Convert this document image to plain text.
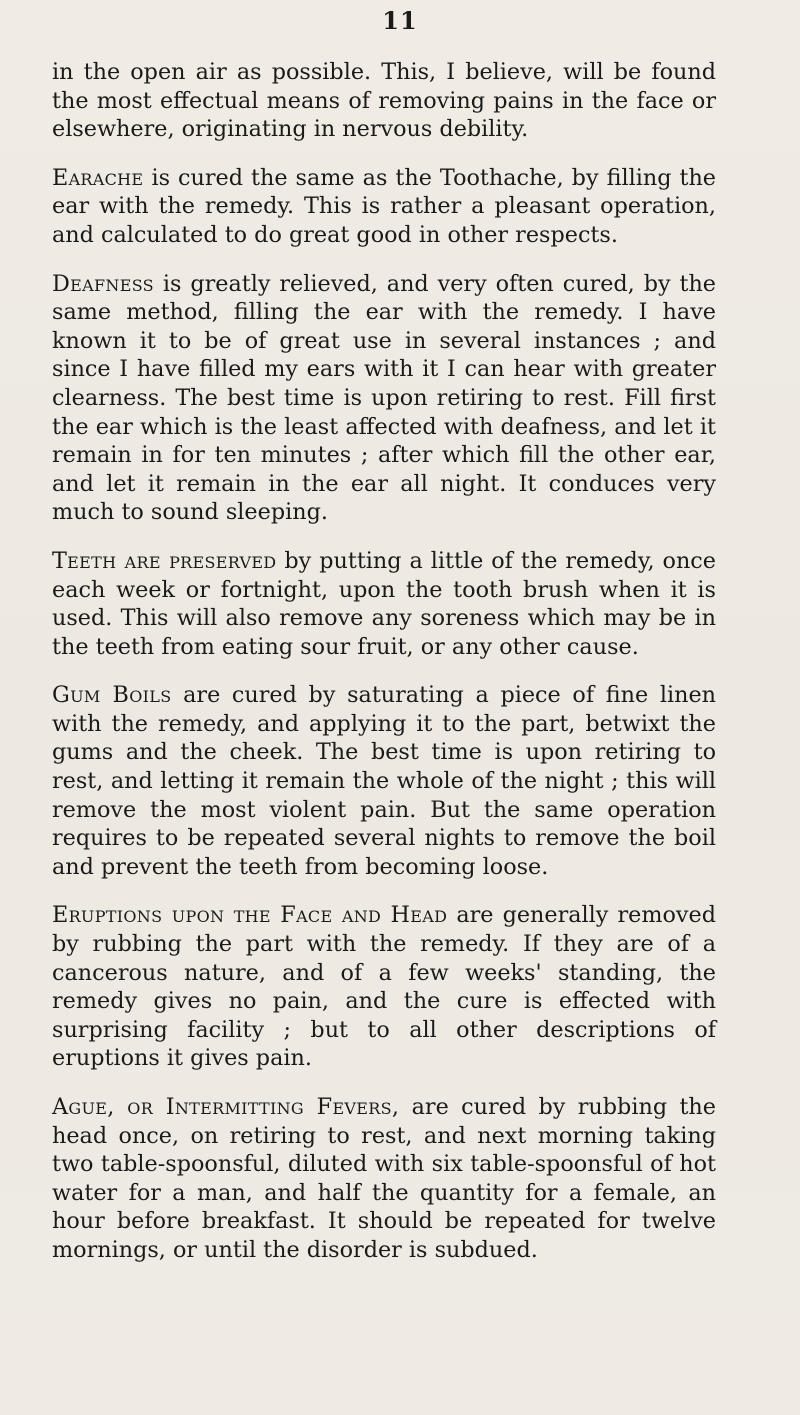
11

in the open air as possible. This, I believe, will be found the most effectual means of removing pains in the face or elsewhere, originating in nervous debility.

Earache is cured the same as the Toothache, by filling the ear with the remedy. This is rather a pleasant operation, and calculated to do great good in other respects.

Deafness is greatly relieved, and very often cured, by the same method, filling the ear with the remedy. I have known it to be of great use in several instances ; and since I have filled my ears with it I can hear with greater clearness. The best time is upon retiring to rest. Fill first the ear which is the least affected with deafness, and let it remain in for ten minutes ; after which fill the other ear, and let it remain in the ear all night. It conduces very much to sound sleeping.

Teeth are preserved by putting a little of the remedy, once each week or fortnight, upon the tooth brush when it is used. This will also remove any soreness which may be in the teeth from eating sour fruit, or any other cause.

Gum Boils are cured by saturating a piece of fine linen with the remedy, and applying it to the part, betwixt the gums and the cheek. The best time is upon retiring to rest, and letting it remain the whole of the night ; this will remove the most violent pain. But the same operation requires to be repeated several nights to remove the boil and prevent the teeth from becoming loose.

Eruptions upon the Face and Head are generally removed by rubbing the part with the remedy. If they are of a cancerous nature, and of a few weeks' standing, the remedy gives no pain, and the cure is effected with surprising facility ; but to all other descriptions of eruptions it gives pain.

Ague, or Intermitting Fevers, are cured by rubbing the head once, on retiring to rest, and next morning taking two table-spoonsful, diluted with six table-spoonsful of hot water for a man, and half the quantity for a female, an hour before breakfast. It should be repeated for twelve mornings, or until the disorder is subdued.
